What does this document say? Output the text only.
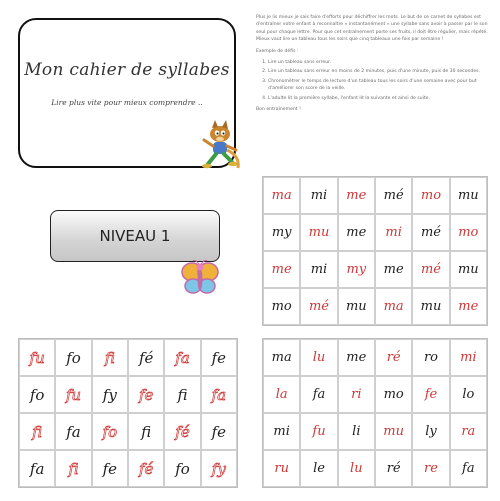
Mon cahier de syllabes
Lire plus vite pour mieux comprendre ..

Plus je lis mieux je sais faire d'efforts pour déchiffrer les mots. Le but de ce carnet de syllabes est d'entraîner votre enfant à reconnaître « instantanément » une syllabe sans avoir à passer par le son seul pour chaque lettre. Pour que cet entraînement porte ses fruits, il doit être régulier, mais répété. Mieux vaut lire un tableau tous les soirs que cinq tableaux une fois par semaine !

Exemple de défis :

1. Lire un tableau sans erreur.
2. Lire un tableau sans erreur en moins de 2 minutes, puis d'une minute, puis de 30 secondes.
3. Chronométrer le temps de lecture d'un tableau tous les soirs d'une semaine avec pour but d'améliorer son score de la veille.
4. L'adulte lit la première syllabe, l'enfant lit la suivante et ainsi de suite.

Bon entraînement !

NIVEAU 1
ma	mi	me	mé	mo	mu
my	mu	me	mi	mé	mo
me	mi	my	me	mé	mu
mo	mé	mu	ma	mu	me
fu	fo	fi	fé	fa	fe
fo	fu	fy	fe	fi	fa
fi	fa	fo	fi	fé	fe
fa	fi	fe	fé	fo	fy
ma	lu	me	ré	ro	mi
la	fa	ri	mo	fe	lo
mi	fu	li	mu	ly	ra
ru	le	lu	ré	re	fa
